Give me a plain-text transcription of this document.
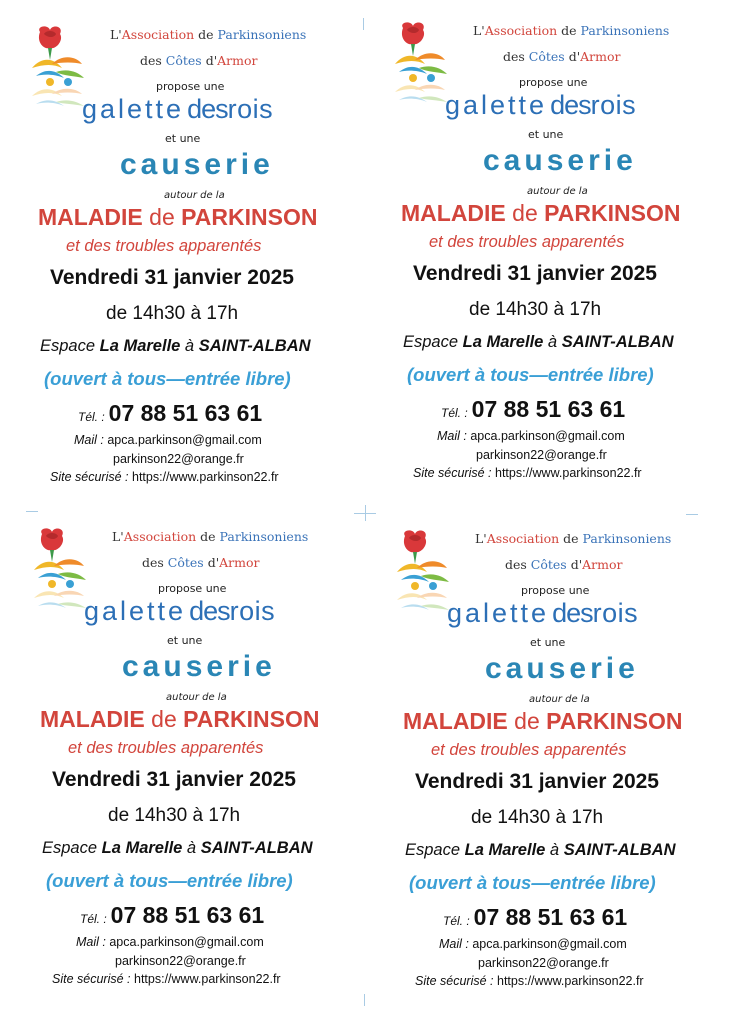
L'Association de Parkinsoniens
des Côtes d'Armor
propose une
galette desrois
et une
causerie
autour de la
MALADIE de PARKINSON
et des troubles apparentés
Vendredi 31 janvier 2025
de 14h30 à 17h
Espace La Marelle à SAINT-ALBAN
(ouvert à tous—entrée libre)
Tél. : 07 88 51 63 61
Mail : apca.parkinson@gmail.com
parkinson22@orange.fr
Site sécurisé : https://www.parkinson22.fr
L'Association de Parkinsoniens
des Côtes d'Armor
propose une
galette desrois
et une
causerie
autour de la
MALADIE de PARKINSON
et des troubles apparentés
Vendredi 31 janvier 2025
de 14h30 à 17h
Espace La Marelle à SAINT-ALBAN
(ouvert à tous—entrée libre)
Tél. : 07 88 51 63 61
Mail : apca.parkinson@gmail.com
parkinson22@orange.fr
Site sécurisé : https://www.parkinson22.fr
L'Association de Parkinsoniens
des Côtes d'Armor
propose une
galette desrois
et une
causerie
autour de la
MALADIE de PARKINSON
et des troubles apparentés
Vendredi 31 janvier 2025
de 14h30 à 17h
Espace La Marelle à SAINT-ALBAN
(ouvert à tous—entrée libre)
Tél. : 07 88 51 63 61
Mail : apca.parkinson@gmail.com
parkinson22@orange.fr
Site sécurisé : https://www.parkinson22.fr
L'Association de Parkinsoniens
des Côtes d'Armor
propose une
galette desrois
et une
causerie
autour de la
MALADIE de PARKINSON
et des troubles apparentés
Vendredi 31 janvier 2025
de 14h30 à 17h
Espace La Marelle à SAINT-ALBAN
(ouvert à tous—entrée libre)
Tél. : 07 88 51 63 61
Mail : apca.parkinson@gmail.com
parkinson22@orange.fr
Site sécurisé : https://www.parkinson22.fr
